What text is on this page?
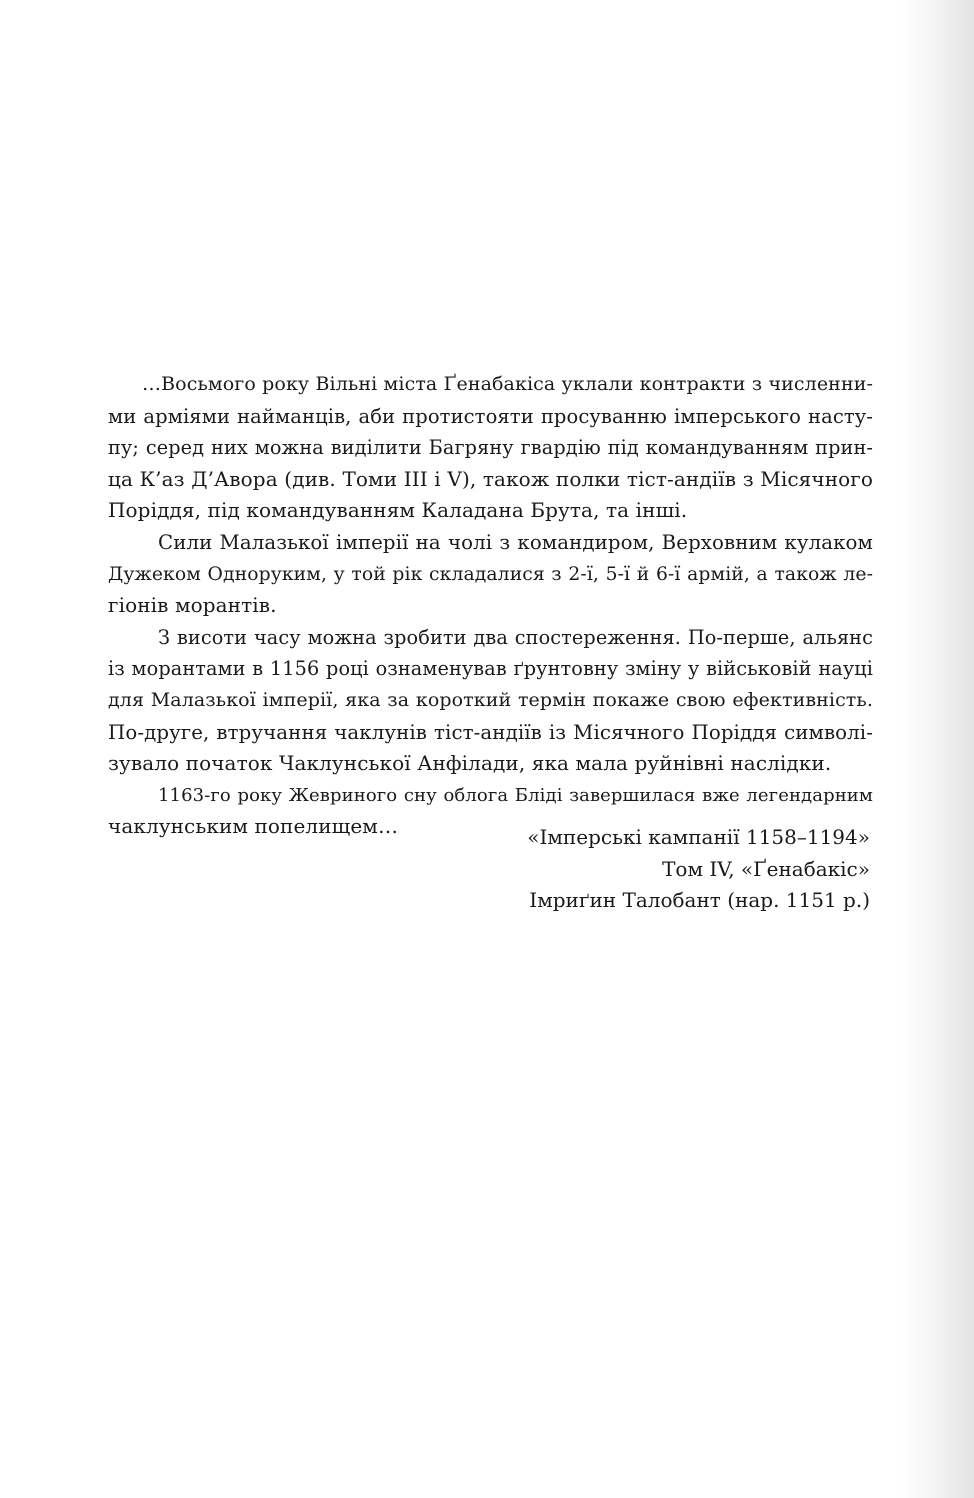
…Восьмого року Вільні міста Ґенабакіса уклали контракти з численни-
ми арміями найманців, аби протистояти просуванню імперського насту-
пу; серед них можна виділити Багряну гвардію під командуванням прин-
ца К’аз Д’Авора (див. Томи III і V), також полки тіст-андіїв з Місячного
Поріддя, під командуванням Каладана Брута, та інші.
Сили Малазької імперії на чолі з командиром, Верховним кулаком
Дужеком Одноруким, у той рік складалися з 2-ї, 5-ї й 6-ї армій, а також ле-
гіонів морантів.
З висоти часу можна зробити два спостереження. По-перше, альянс
із морантами в 1156 році ознаменував ґрунтовну зміну у військовій науці
для Малазької імперії, яка за короткий термін покаже свою ефективність.
По-друге, втручання чаклунів тіст-андіїв із Місячного Поріддя символі-
зувало початок Чаклунської Анфілади, яка мала руйнівні наслідки.
1163-го року Жевриного сну облога Бліді завершилася вже легендарним
чаклунським попелищем…	«Імперські кампанії 1158–1194»
Том IV, «Ґенабакіс»
Імриґин Талобант (нар. 1151 р.)
